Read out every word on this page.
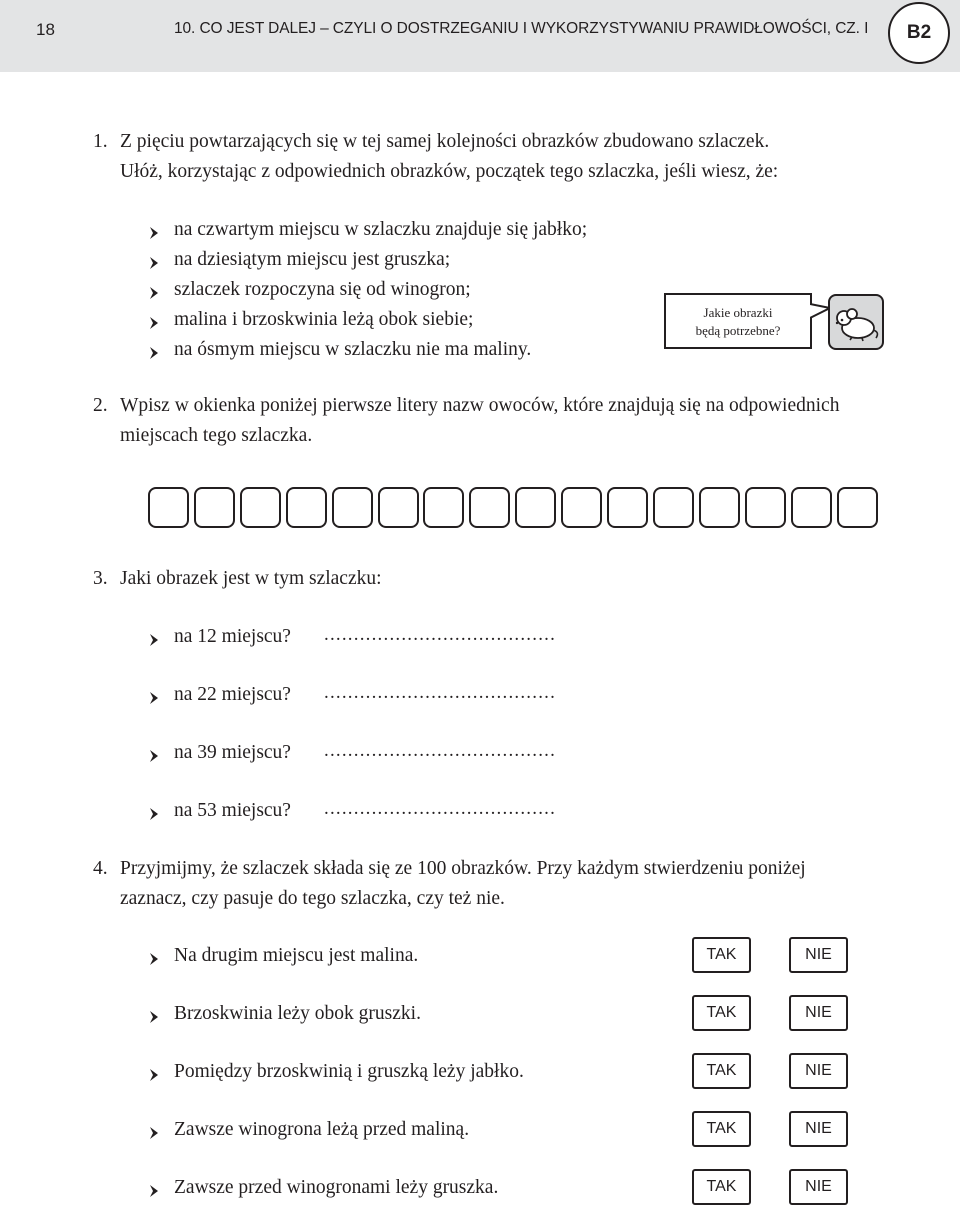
18	10. CO JEST DALEJ – CZYLI O DOSTRZEGANIU I WYKORZYSTYWANIU PRAWIDŁOWOŚCI, CZ. I	B2
1. Z pięciu powtarzających się w tej samej kolejności obrazków zbudowano szlaczek.
Ułóż, korzystając z odpowiednich obrazków, początek tego szlaczka, jeśli wiesz, że:
na czwartym miejscu w szlaczku znajduje się jabłko;
na dziesiątym miejscu jest gruszka;
szlaczek rozpoczyna się od winogron;
malina i brzoskwinia leżą obok siebie;
na ósmym miejscu w szlaczku nie ma maliny.
Jakie obrazki
będą potrzebne?
2. Wpisz w okienka poniżej pierwsze litery nazw owoców, które znajdują się na odpowiednich
miejscach tego szlaczka.
3. Jaki obrazek jest w tym szlaczku:
na 12 miejscu? .......................................
na 22 miejscu? .......................................
na 39 miejscu? .......................................
na 53 miejscu? .......................................
4. Przyjmijmy, że szlaczek składa się ze 100 obrazków. Przy każdym stwierdzeniu poniżej
zaznacz, czy pasuje do tego szlaczka, czy też nie.
Na drugim miejscu jest malina.	TAK	NIE
Brzoskwinia leży obok gruszki.	TAK	NIE
Pomiędzy brzoskwinią i gruszką leży jabłko.	TAK	NIE
Zawsze winogrona leżą przed maliną.	TAK	NIE
Zawsze przed winogronami leży gruszka.	TAK	NIE
